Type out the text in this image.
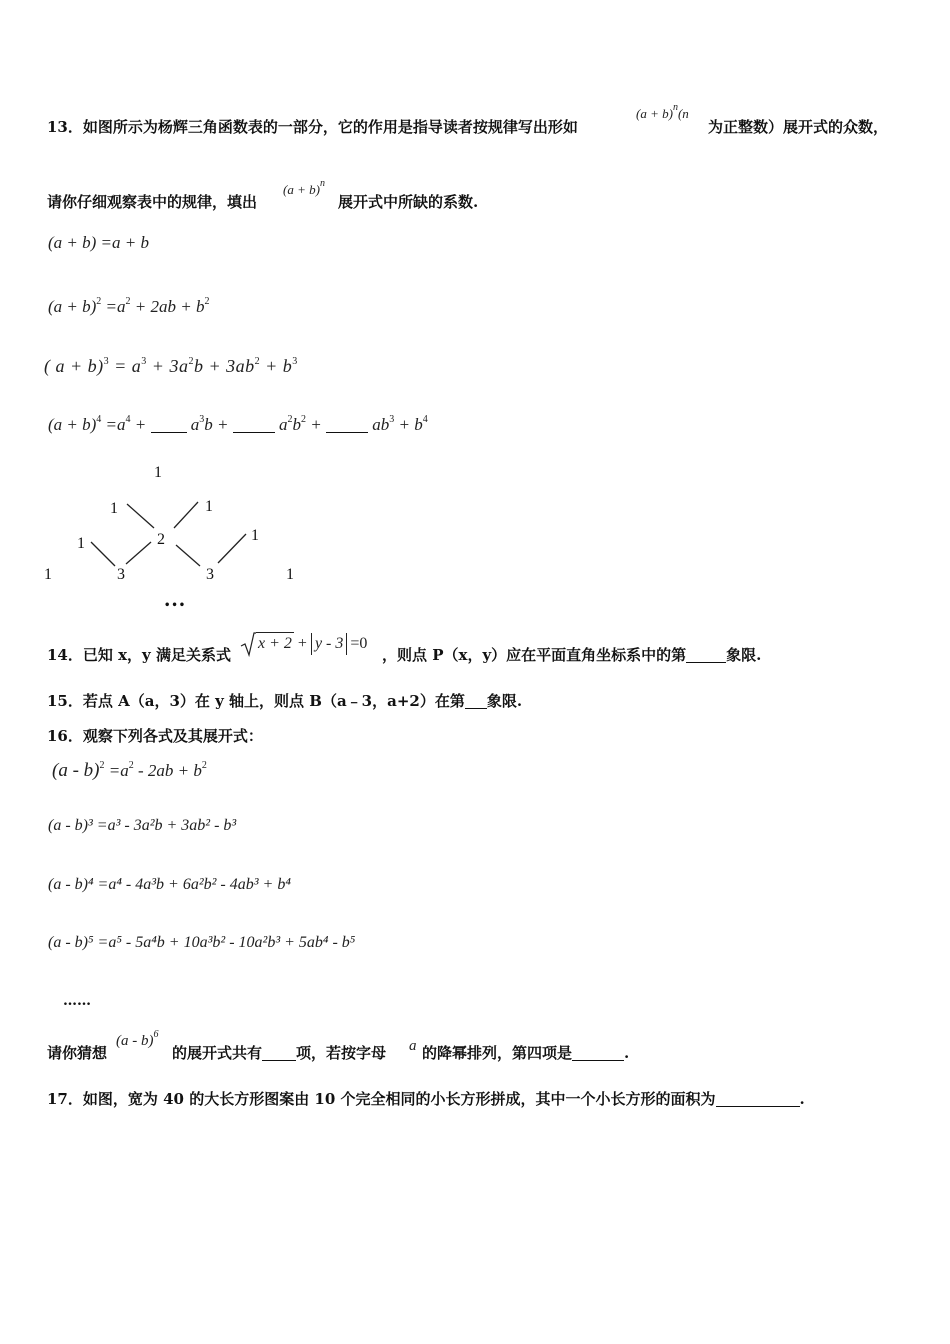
13．如图所示为杨辉三角函数表的一部分，它的作用是指导读者按规律写出形如
$(a + b)^n(n$
为正整数）展开式的众数，
请你仔细观察表中的规律，填出
$(a + b)^n$
展开式中所缺的系数.
(a + b) =a + b
$(a + b)^2 =a^2 + 2ab + b^2$
( $a + b)^3 = a^3 + 3a^2b + 3ab^2 + b^3$
$(a + b)^4 =a^4$ +	$a^3b$ +	$a^2b^2$ +	$ab^3 + b^4$
1
1	1
1	2	1
1	3	3	1
•••
14．已知 x，y 满足关系式
x + 2 + y - 3 =0
，则点 P（x，y）应在平面直角坐标系中的第	象限.
15．若点 A（a，3）在 y 轴上，则点 B（a﹣3，a+2）在第 象限.
16．观察下列各式及其展开式：
$(a - b)^2 =a^2 - 2ab + b^2$
(a - b)³ =a³ - 3a²b + 3ab² - b³
(a - b)⁴ =a⁴ - 4a³b + 6a²b² - 4ab³ + b⁴
(a - b)⁵ =a⁵ - 5a⁴b + 10a³b² - 10a²b³ + 5ab⁴ - b⁵
……
请你猜想
(a - b)$^6$
的展开式共有 项，若按字母 a 的降幂排列，第四项是	.
17．如图，宽为 40 的大长方形图案由 10 个完全相同的小长方形拼成，其中一个小长方形的面积为	.
